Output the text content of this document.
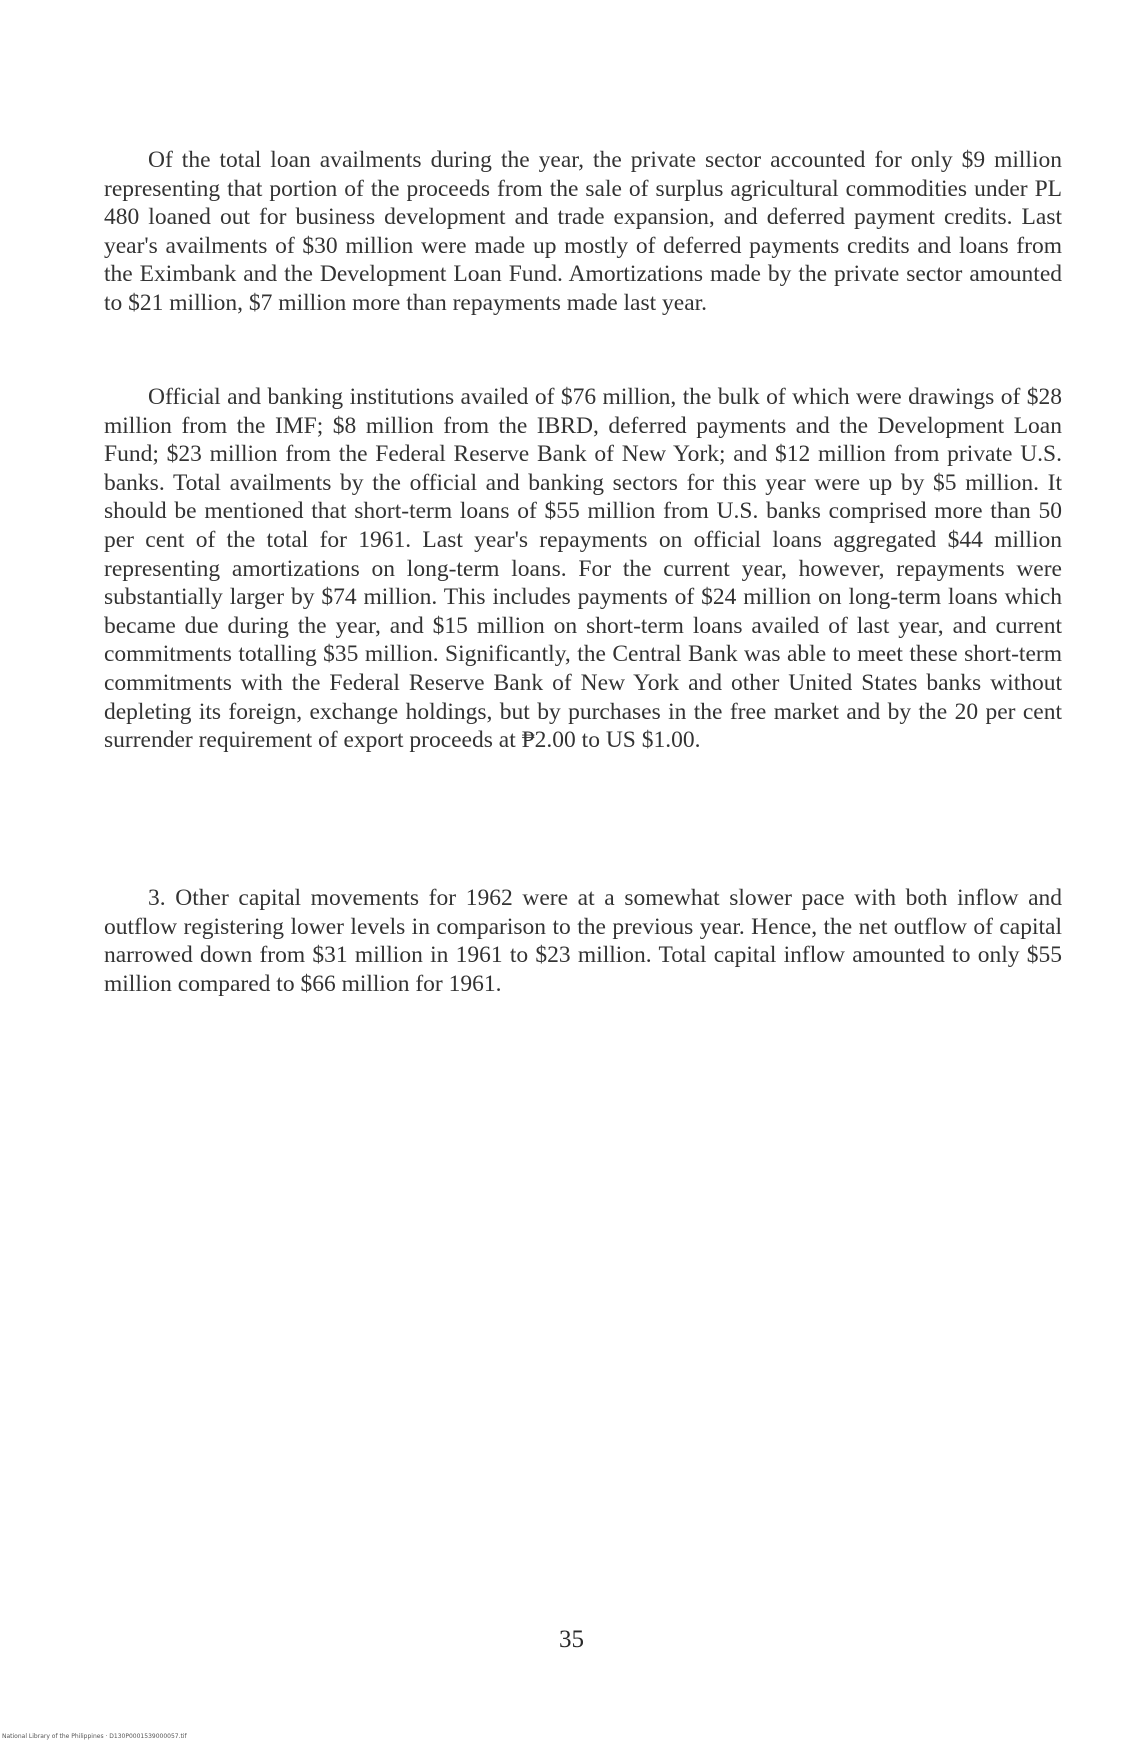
Of the total loan availments during the year, the private sector accounted for only $9 million representing that portion of the proceeds from the sale of surplus agricultural commodities under PL 480 loaned out for business development and trade expansion, and deferred payment credits. Last year's availments of $30 million were made up mostly of deferred payments credits and loans from the Eximbank and the Development Loan Fund. Amortizations made by the private sector amounted to $21 million, $7 million more than repayments made last year.

Official and banking institutions availed of $76 million, the bulk of which were drawings of $28 million from the IMF; $8 million from the IBRD, deferred payments and the Development Loan Fund; $23 million from the Federal Reserve Bank of New York; and $12 million from private U.S. banks. Total availments by the official and banking sectors for this year were up by $5 million. It should be mentioned that short-term loans of $55 million from U.S. banks comprised more than 50 per cent of the total for 1961. Last year's repayments on official loans aggregated $44 million representing amortizations on long-term loans. For the current year, however, repayments were substantially larger by $74 million. This includes payments of $24 million on long-term loans which became due during the year, and $15 million on short-term loans availed of last year, and current commitments totalling $35 million. Significantly, the Central Bank was able to meet these short-term commitments with the Federal Reserve Bank of New York and other United States banks without depleting its foreign, exchange holdings, but by purchases in the free market and by the 20 per cent surrender requirement of export proceeds at ₱2.00 to US $1.00.

3. Other capital movements for 1962 were at a somewhat slower pace with both inflow and outflow registering lower levels in comparison to the previous year. Hence, the net outflow of capital narrowed down from $31 million in 1961 to $23 million. Total capital inflow amounted to only $55 million compared to $66 million for 1961.

35

National Library of the Philippines · D130P0001539000057.tif
